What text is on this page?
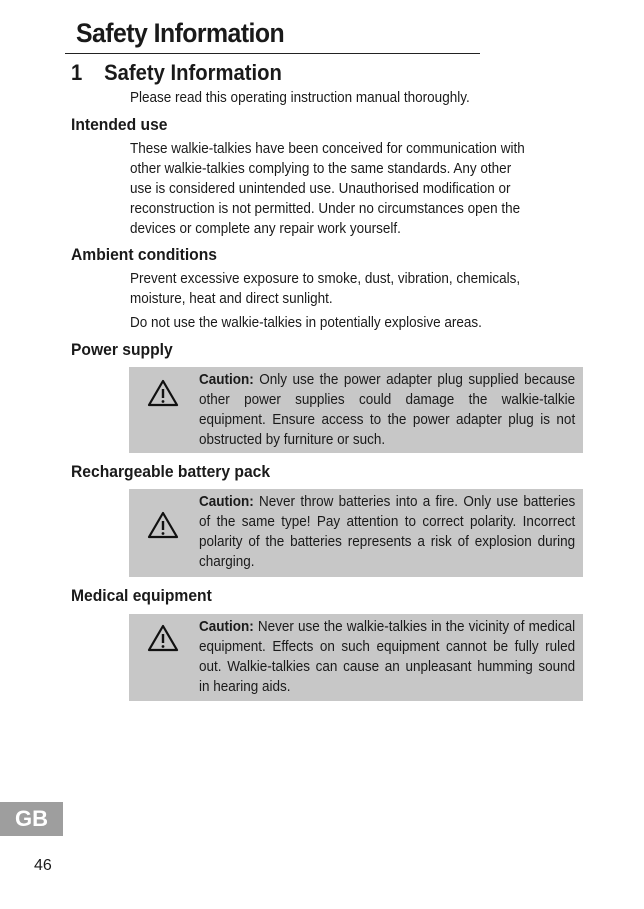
Safety Information
1 Safety Information
Please read this operating instruction manual thoroughly.
Intended use
These walkie-talkies have been conceived for communication with
other walkie-talkies complying to the same standards. Any other
use is considered unintended use. Unauthorised modification or
reconstruction is not permitted. Under no circumstances open the
devices or complete any repair work yourself.
Ambient conditions
Prevent excessive exposure to smoke, dust, vibration, chemicals,
moisture, heat and direct sunlight.
Do not use the walkie-talkies in potentially explosive areas.
Power supply
Caution: Only use the power adapter plug supplied because other power supplies could damage the walkie-talkie equipment. Ensure access to the power adapter plug is not obstructed by furniture or such.
Rechargeable battery pack
Caution: Never throw batteries into a fire. Only use batteries of the same type! Pay attention to correct polarity. Incorrect polarity of the batteries represents a risk of explosion during charging.
Medical equipment
Caution: Never use the walkie-talkies in the vicinity of medical equipment. Effects on such equipment cannot be fully ruled out. Walkie-talkies can cause an unpleasant humming sound in hearing aids.
GB
46
